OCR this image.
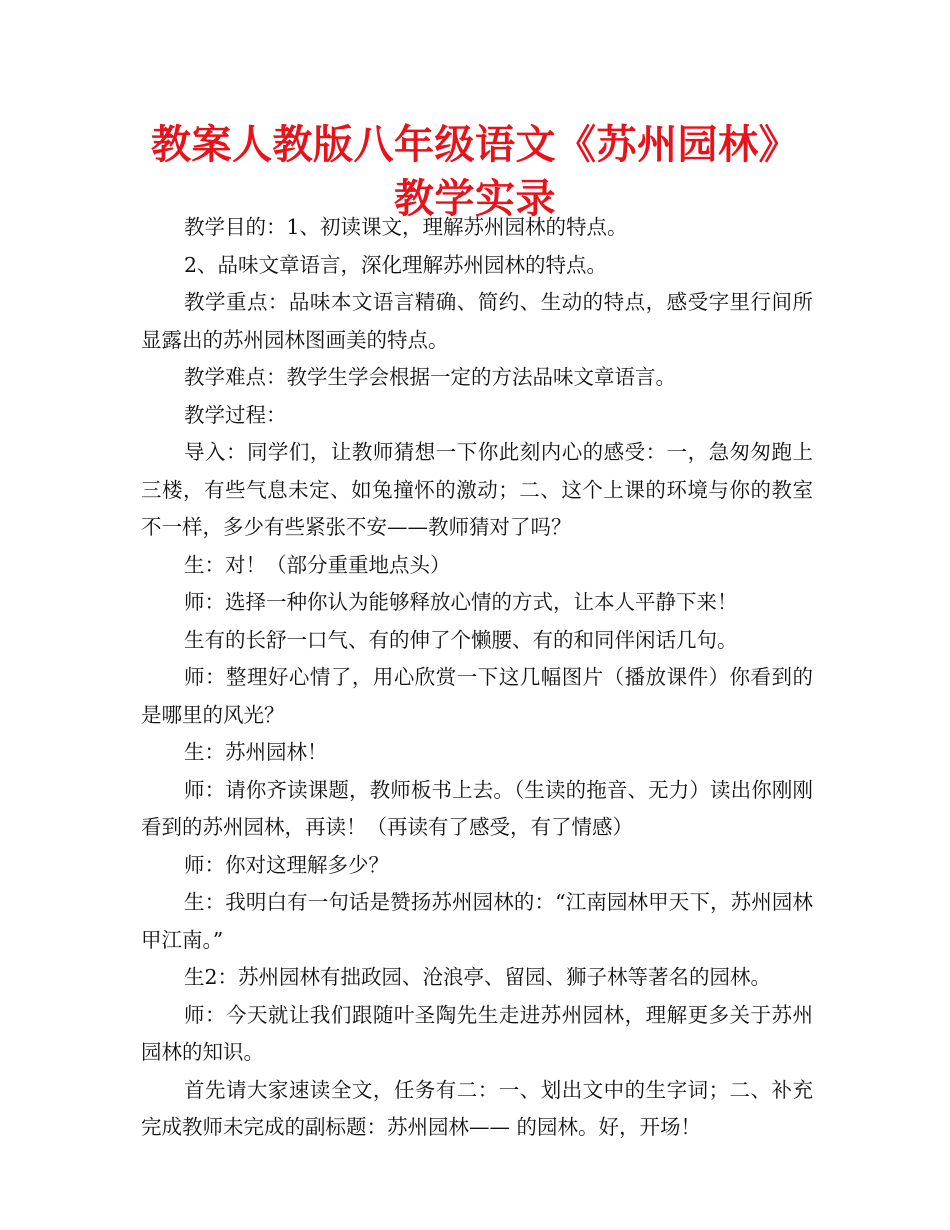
教案人教版八年级语文《苏州园林》教学实录

教学目的：1、初读课文，理解苏州园林的特点。

2、品味文章语言，深化理解苏州园林的特点。

教学重点：品味本文语言精确、简约、生动的特点，感受字里行间所显露出的苏州园林图画美的特点。

教学难点：教学生学会根据一定的方法品味文章语言。

教学过程：

导入：同学们，让教师猜想一下你此刻内心的感受：一，急匆匆跑上三楼，有些气息未定、如兔撞怀的激动；二、这个上课的环境与你的教室不一样，多少有些紧张不安——教师猜对了吗？

生：对！（部分重重地点头）

师：选择一种你认为能够释放心情的方式，让本人平静下来！

生有的长舒一口气、有的伸了个懒腰、有的和同伴闲话几句。

师：整理好心情了，用心欣赏一下这几幅图片（播放课件）你看到的是哪里的风光？

生：苏州园林！

师：请你齐读课题，教师板书上去。（生读的拖音、无力）读出你刚刚看到的苏州园林，再读！（再读有了感受，有了情感）

师：你对这理解多少？

生：我明白有一句话是赞扬苏州园林的：“江南园林甲天下，苏州园林甲江南。”

生2：苏州园林有拙政园、沧浪亭、留园、狮子林等著名的园林。

师：今天就让我们跟随叶圣陶先生走进苏州园林，理解更多关于苏州园林的知识。

首先请大家速读全文，任务有二：一、划出文中的生字词；二、补充完成教师未完成的副标题：苏州园林—— 的园林。好，开场！
